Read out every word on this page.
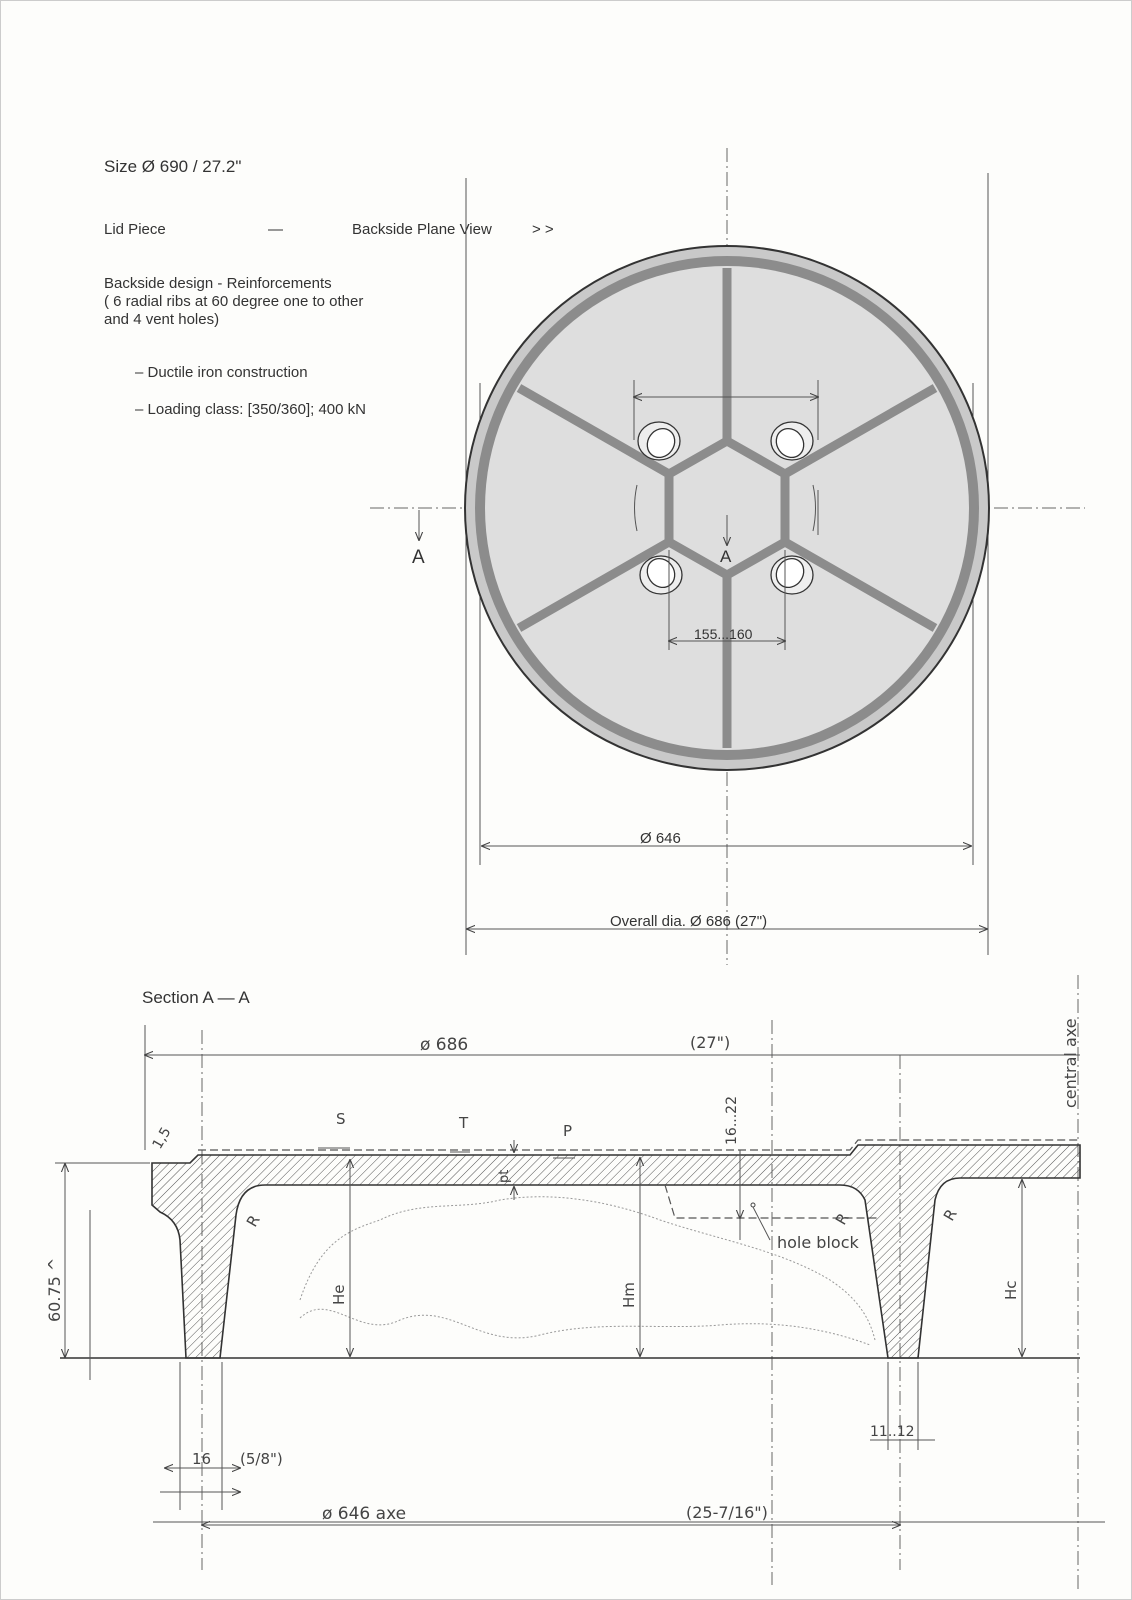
Size Ø 690 / 27.2"
Lid Piece	—	Backside Plane View	> >
Backside design - Reinforcements
( 6 radial ribs at 60 degree one to other
and 4 vent holes)
– Ductile iron construction
– Loading class: [350/360]; 400 kN
155...160
A	A
Ø 646
Overall dia. Ø 686 (27")
Section A — A
central axe
ø 686	(27")
S	T	P
pt
1,5	16...22
R	R	R
hole block
He	Hm	Hc
60.75 ^
11..12
16 (5/8")
ø 646 axe	(25-7/16")
